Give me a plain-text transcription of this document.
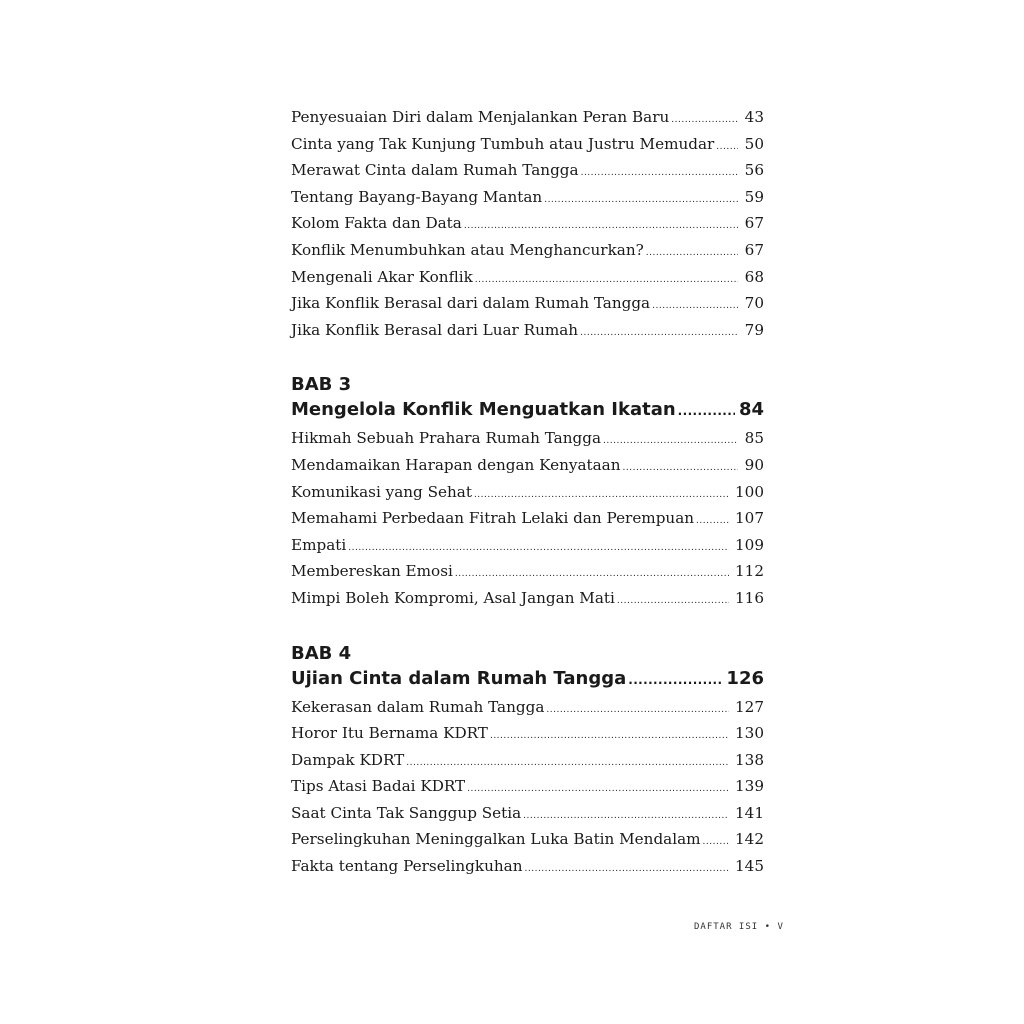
Penyesuaian Diri dalam Menjalankan Peran Baru .....	43
Cinta yang Tak Kunjung Tumbuh atau Justru Memudar ..... 50
Merawat Cinta dalam Rumah Tangga .....	56
Tentang Bayang-Bayang Mantan .....	59
Kolom Fakta dan Data .....	67
Konflik Menumbuhkan atau Menghancurkan? .....	67
Mengenali Akar Konflik .....	68
Jika Konflik Berasal dari dalam Rumah Tangga .....	70
Jika Konflik Berasal dari Luar Rumah .....	79
BAB 3
Mengelola Konflik Menguatkan Ikatan .....	84
Hikmah Sebuah Prahara Rumah Tangga .....	85
Mendamaikan Harapan dengan Kenyataan .....	90
Komunikasi yang Sehat .....	100
Memahami Perbedaan Fitrah Lelaki dan Perempuan .....	107
Empati .....	109
Membereskan Emosi .....	112
Mimpi Boleh Kompromi, Asal Jangan Mati .....	116
BAB 4
Ujian Cinta dalam Rumah Tangga .....	126
Kekerasan dalam Rumah Tangga .....	127
Horor Itu Bernama KDRT .....	130
Dampak KDRT .....	138
Tips Atasi Badai KDRT .....	139
Saat Cinta Tak Sanggup Setia .....	141
Perselingkuhan Meninggalkan Luka Batin Mendalam ..... 142
Fakta tentang Perselingkuhan .....	145
DAFTAR ISI • V
